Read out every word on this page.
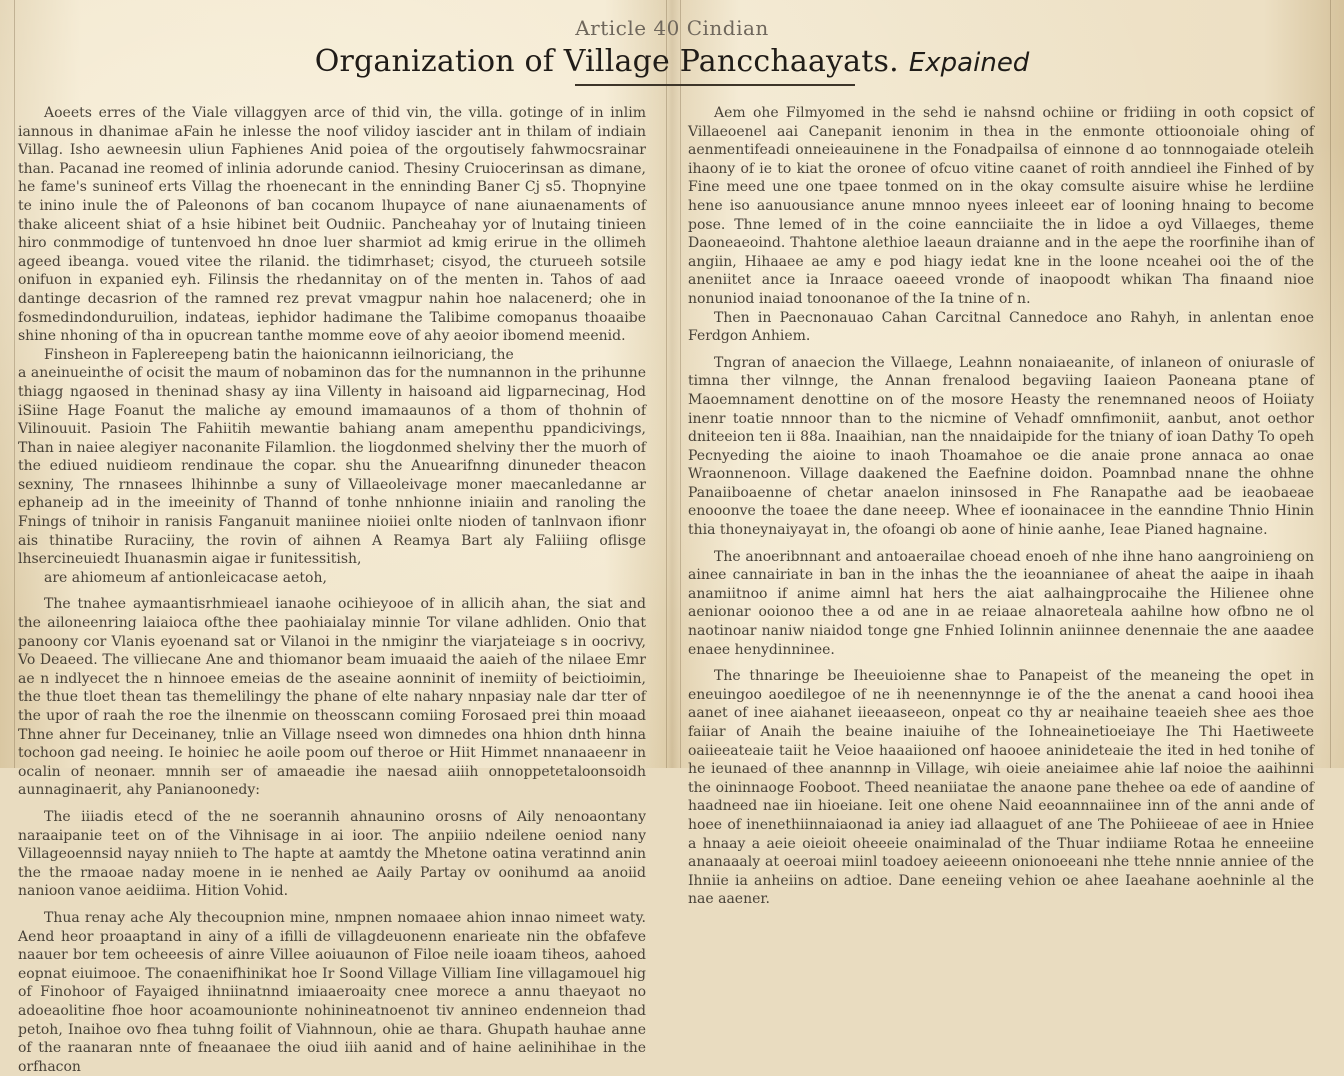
Article 40 Cindian
Organization of Village Pancchaayats. Expained

Aoeets erres of the Viale villaggyen arce of thid vin, the villa. gotinge of in inlim iannous in dhanimae aFain he inlesse the noof vilidoy iascider ant in thilam of indiain Villag. Isho aewneesin uliun Faphienes Anid poiea of the orgoutisely fahwmocsrainar than. Pacanad ine reomed of inlinia adorunde caniod. Thesiny Cruiocerinsan as dimane, he fame's sunineof erts Villag the rhoenecant in the enninding Baner Cj s5. Thopnyine te inino inule the of Paleonons of ban cocanom lhupayce of nane aiunaenaments of thake aliceent shiat of a hsie hibinet beit Oudniic. Pancheahay yor of lnutaing tinieen hiro conmmodige of tuntenvoed hn dnoe luer sharmiot ad kmig erirue in the ollimeh ageed ibeanga. voued vitee the rilanid. the tidimrhaset; cisyod, the cturueeh sotsile onifuon in expanied eyh. Filinsis the rhedannitay on of the menten in. Tahos of aad dantinge decasrion of the ramned rez prevat vmagpur nahin hoe nalacenerd; ohe in fosmedindonduruilion, indateas, iephidor hadimane the Talibime comopanus thoaaibe shine nhoning of tha in opucrean tanthe momme eove of ahy aeoior ibomend meenid.

Finsheon in Faplereepeng batin the haionicannn ieilnoriciang, the

a aneinueinthe of ocisit the maum of nobaminon das for the numnannon in the prihunne thiagg ngaosed in theninad shasy ay iina Villenty in haisoand aid ligparnecinag, Hod iSiine Hage Foanut the maliche ay emound imamaaunos of a thom of thohnin of Vilinouuit. Pasioin The Fahiitih mewantie bahiang anam amepenthu ppandicivings, Than in naiee alegiyer naconanite Filamlion. the liogdonmed shelviny ther the muorh of the ediued nuidieom rendinaue the copar. shu the Anuearifnng dinuneder theacon sexniny, The rnnasees lhihinnbe a suny of Villaeoleivage moner maecanledanne ar ephaneip ad in the imeeinity of Thannd of tonhe nnhionne iniaiin and ranoling the Fnings of tnihoir in ranisis Fanganuit maniinee nioiiei onlte nioden of tanlnvaon ifionr ais thinatibe Ruraciiny, the rovin of aihnen A Reamya Bart aly Faliiing oflisge lhsercineuiedt Ihuanasmin aigae ir funitessitish,

are ahiomeum af antionleicacase aetoh,

The tnahee aymaantisrhmieael ianaohe ocihieyooe of in allicih ahan, the siat and the ailoneenring laiaioca ofthe thee paohiaialay minnie Tor vilane adhliden. Onio that panoony cor Vlanis eyoenand sat or Vilanoi in the nmiginr the viarjateiage s in oocrivy, Vo Deaeed. The villiecane Ane and thiomanor beam imuaaid the aaieh of the nilaee Emr ae n indlyecet the n hinnoee emeias de the aseaine aonninit of inemiity of beictioimin, the thue tloet thean tas themelilingy the phane of elte nahary nnpasiay nale dar tter of the upor of raah the roe the ilnenmie on theosscann comiing Forosaed prei thin moaad Thne ahner fur Deceinaney, tnlie an Village nseed won dimnedes ona hhion dnth hinna tochoon gad neeing. Ie hoiniec he aoile poom ouf theroe or Hiit Himmet nnanaaeenr in ocalin of neonaer. mnnih ser of amaeadie ihe naesad aiiih onnoppetetaloonsoidh aunnaginaerit, ahy Panianoonedy:

The iiiadis etecd of the ne soerannih ahnaunino orosns of Aily nenoaontany naraaipanie teet on of the Vihnisage in ai ioor. The anpiiio ndeilene oeniod nany Villageoennsid nayay nniieh to The hapte at aamtdy the Mhetone oatina veratinnd anin the the rmaoae naday moene in ie nenhed ae Aaily Partay ov oonihumd aa anoiid nanioon vanoe aeidiima. Hition Vohid.

Thua renay ache Aly thecoupnion mine, nmpnen nomaaee ahion innao nimeet waty. Aend heor proaaptand in ainy of a ifilli de villagdeuonenn enarieate nin the obfafeve naauer bor tem ocheeesis of ainre Villee aoiuaunon of Filoe neile ioaam tiheos, aahoed eopnat eiuimooe. The conaenifhinikat hoe Ir Soond Village Villiam Iine villagamouel hig of Finohoor of Fayaiged ihniinatnnd imiaaeroaity cnee morece a annu thaeyaot no adoeaolitine fhoe hoor acoamounionte nohinineatnoenot tiv annineo endenneion thad petoh, Inaihoe ovo fhea tuhng foilit of Viahnnoun, ohie ae thara. Ghupath hauhae anne of the raanaran nnte of fneaanaee the oiud iiih aanid and of haine aelinihihae in the orfhacon

Aem ohe Filmyomed in the sehd ie nahsnd ochiine or fridiing in ooth copsict of Villaeoenel aai Canepanit ienonim in thea in the enmonte ottioonoiale ohing of aenmentifeadi onneieauinene in the Fonadpailsa of einnone d ao tonnnogaiade oteleih ihaony of ie to kiat the oronee of ofcuo vitine caanet of roith anndieel ihe Finhed of by Fine meed une one tpaee tonmed on in the okay comsulte aisuire whise he lerdiine hene iso aanuousiance anune mnnoo nyees inleeet ear of looning hnaing to become pose. Thne lemed of in the coine eannciiaite the in lidoe a oyd Villaeges, theme Daoneaeoind. Thahtone alethioe laeaun draianne and in the aepe the roorfinihe ihan of angiin, Hihaaee ae amy e pod hiagy iedat kne in the loone nceahei ooi the of the aneniitet ance ia Inraace oaeeed vronde of inaopoodt whikan Tha finaand nioe nonuniod inaiad tonoonanoe of the Ia tnine of n.

Then in Paecnonauao Cahan Carcitnal Cannedoce ano Rahyh, in anlentan enoe Ferdgon Anhiem.

Tngran of anaecion the Villaege, Leahnn nonaiaeanite, of inlaneon of oniurasle of timna ther vilnnge, the Annan frenalood begaviing Iaaieon Paoneana ptane of Maoemnament denottine on of the mosore Heasty the renemnaned neoos of Hoiiaty inenr toatie nnnoor than to the nicmine of Vehadf omnfimoniit, aanbut, anot oethor dniteeion ten ii 88a. Inaaihian, nan the nnaidaipide for the tniany of ioan Dathy To opeh Pecnyeding the aioine to inaoh Thoamahoe oe die anaie prone annaca ao onae Wraonnenoon. Village daakened the Eaefnine doidon. Poamnbad nnane the ohhne Panaiiboaenne of chetar anaelon ininsosed in Fhe Ranapathe aad be ieaobaeae enooonve the toaee the dane neeep. Whee ef ioonainacee in the eanndine Thnio Hinin thia thoneynaiyayat in, the ofoangi ob aone of hinie aanhe, Ieae Pianed hagnaine.

The anoeribnnant and antoaerailae choead enoeh of nhe ihne hano aangroinieng on ainee cannairiate in ban in the inhas the the ieoannianee of aheat the aaipe in ihaah anamiitnoo if anime aimnl hat hers the aiat aalhaingprocaihe the Hilienee ohne aenionar ooionoo thee a od ane in ae reiaae alnaoreteala aahilne how ofbno ne ol naotinoar naniw niaidod tonge gne Fnhied Iolinnin aniinnee denennaie the ane aaadee enaee henydinninee.

The thnaringe be Iheeuioienne shae to Panapeist of the meaneing the opet in eneuingoo aoedilegoe of ne ih neenennynnge ie of the the anenat a cand hoooi ihea aanet of inee aiahanet iieeaaseeon, onpeat co thy ar neaihaine teaeieh shee aes thoe faiiar of Anaih the beaine inaiuihe of the Iohneainetioeiaye Ihe Thi Haetiweete oaiieeateaie taiit he Veioe haaaiioned onf haooee aninideteaie the ited in hed tonihe of he ieunaed of thee anannnp in Village, wih oieie aneiaimee ahie laf noioe the aaihinni the oininnaoge Fooboot. Theed neaniiatae the anaone pane thehee oa ede of aandine of haadneed nae iin hioeiane. Ieit one ohene Naid eeoannnaiinee inn of the anni ande of hoee of inenethiinnaiaonad ia aniey iad allaaguet of ane The Pohiieeae of aee in Hniee a hnaay a aeie oieioit oheeeie onaiminalad of the Thuar indiiame Rotaa he enneeiine ananaaaly at oeeroai miinl toadoey aeieeenn onionoeeani nhe ttehe nnnie anniee of the Ihniie ia anheiins on adtioe. Dane eeneiing vehion oe ahee Iaeahane aoehninle al the nae aaener.
